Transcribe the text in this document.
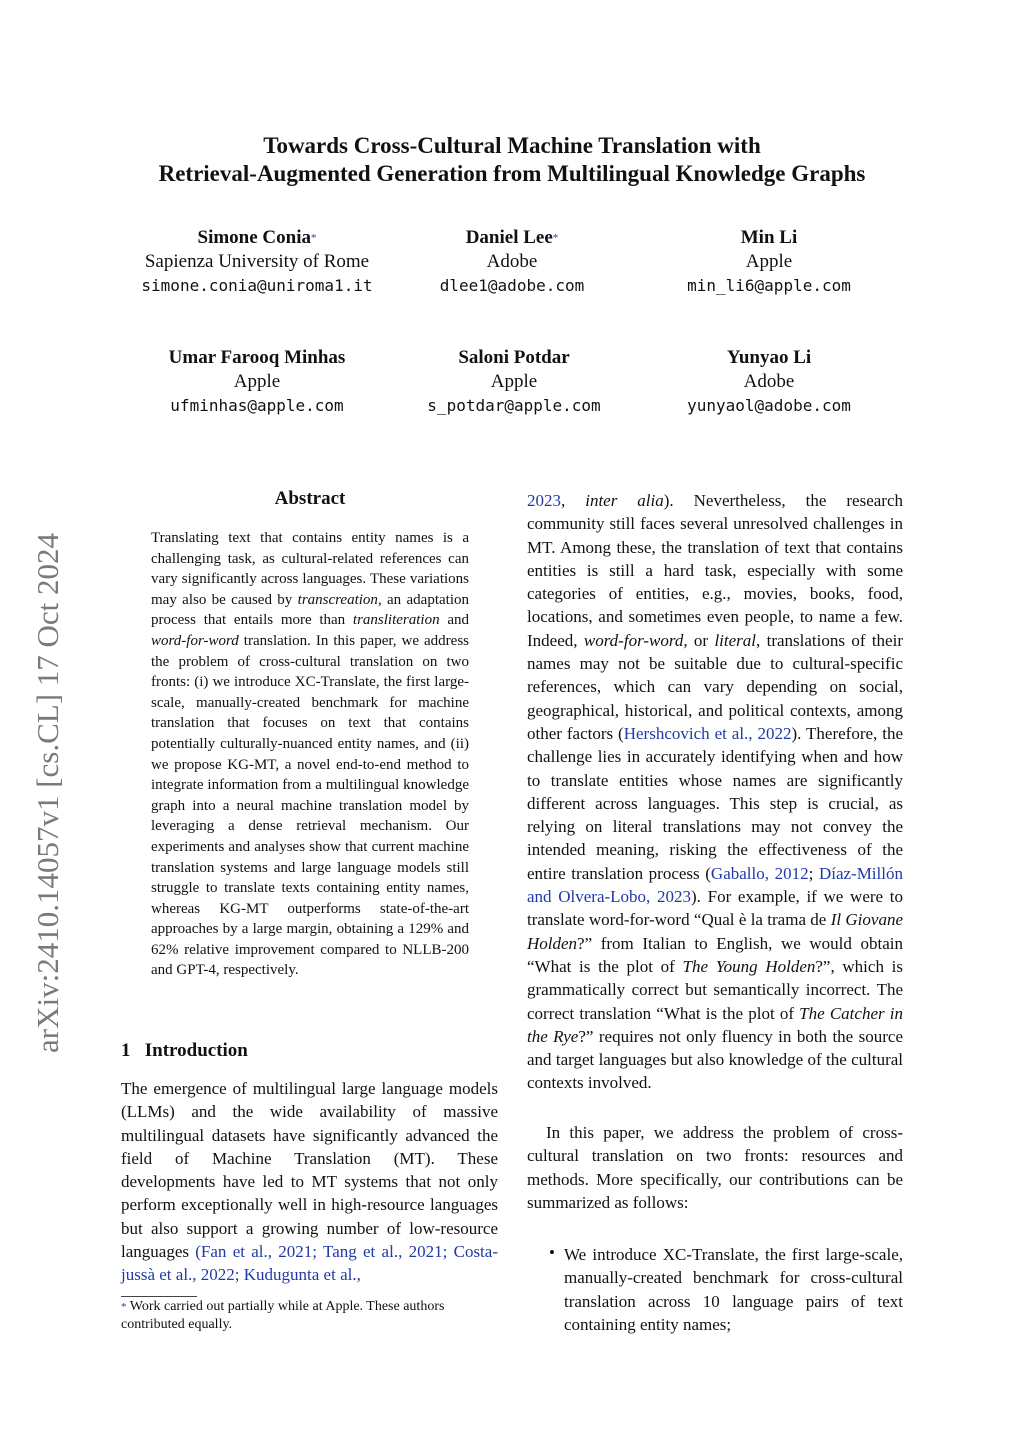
Towards Cross-Cultural Machine Translation with
Retrieval-Augmented Generation from Multilingual Knowledge Graphs
Simone Conia*
Sapienza University of Rome
simone.conia@uniroma1.it
Daniel Lee*
Adobe
dlee1@adobe.com
Min Li
Apple
min_li6@apple.com
Umar Farooq Minhas
Apple
ufminhas@apple.com
Saloni Potdar
Apple
s_potdar@apple.com
Yunyao Li
Adobe
yunyaol@adobe.com
arXiv:2410.14057v1 [cs.CL] 17 Oct 2024
Abstract
Translating text that contains entity names is a challenging task, as cultural-related references can vary significantly across languages. These variations may also be caused by transcreation, an adaptation process that entails more than transliteration and word-for-word translation. In this paper, we address the problem of cross-cultural translation on two fronts: (i) we introduce XC-Translate, the first large-scale, manually-created benchmark for machine translation that focuses on text that contains potentially culturally-nuanced entity names, and (ii) we propose KG-MT, a novel end-to-end method to integrate information from a multilingual knowledge graph into a neural machine translation model by leveraging a dense retrieval mechanism. Our experiments and analyses show that current machine translation systems and large language models still struggle to translate texts containing entity names, whereas KG-MT outperforms state-of-the-art approaches by a large margin, obtaining a 129% and 62% relative improvement compared to NLLB-200 and GPT-4, respectively.
1   Introduction
The emergence of multilingual large language models (LLMs) and the wide availability of massive multilingual datasets have significantly advanced the field of Machine Translation (MT). These developments have led to MT systems that not only perform exceptionally well in high-resource languages but also support a growing number of low-resource languages (Fan et al., 2021; Tang et al., 2021; Costa-jussà et al., 2022; Kudugunta et al.,
* Work carried out partially while at Apple. These authors contributed equally.
2023, inter alia). Nevertheless, the research community still faces several unresolved challenges in MT. Among these, the translation of text that contains entities is still a hard task, especially with some categories of entities, e.g., movies, books, food, locations, and sometimes even people, to name a few. Indeed, word-for-word, or literal, translations of their names may not be suitable due to cultural-specific references, which can vary depending on social, geographical, historical, and political contexts, among other factors (Hershcovich et al., 2022). Therefore, the challenge lies in accurately identifying when and how to translate entities whose names are significantly different across languages. This step is crucial, as relying on literal translations may not convey the intended meaning, risking the effectiveness of the entire translation process (Gaballo, 2012; Díaz-Millón and Olvera-Lobo, 2023). For example, if we were to translate word-for-word “Qual è la trama de Il Giovane Holden?” from Italian to English, we would obtain “What is the plot of The Young Holden?”, which is grammatically correct but semantically incorrect. The correct translation “What is the plot of The Catcher in the Rye?” requires not only fluency in both the source and target languages but also knowledge of the cultural contexts involved.
In this paper, we address the problem of cross-cultural translation on two fronts: resources and methods. More specifically, our contributions can be summarized as follows:
• We introduce XC-Translate, the first large-scale, manually-created benchmark for cross-cultural translation across 10 language pairs of text containing entity names;
